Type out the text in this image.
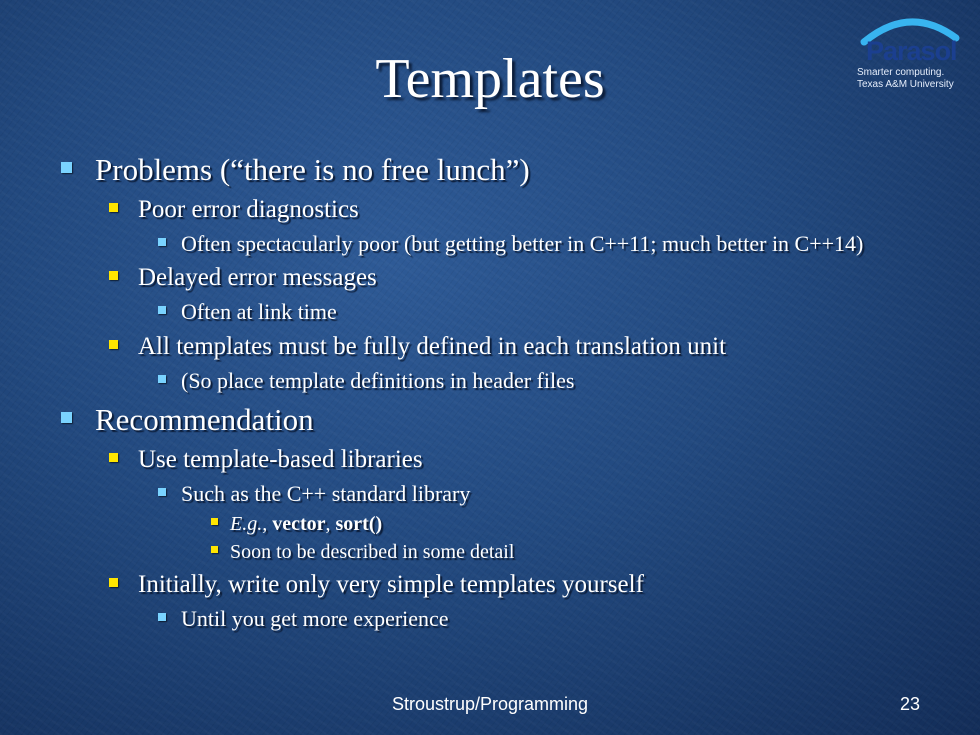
Templates	Parasol
Smarter computing.
Texas A&M University
Problems (“there is no free lunch”)
Poor error diagnostics
Often spectacularly poor (but getting better in C++11; much better in C++14)
Delayed error messages
Often at link time
All templates must be fully defined in each translation unit
(So place template definitions in header files
Recommendation
Use template-based libraries
Such as the C++ standard library
E.g., vector, sort()
Soon to be described in some detail
Initially, write only very simple templates yourself
Until you get more experience
Stroustrup/Programming	23
